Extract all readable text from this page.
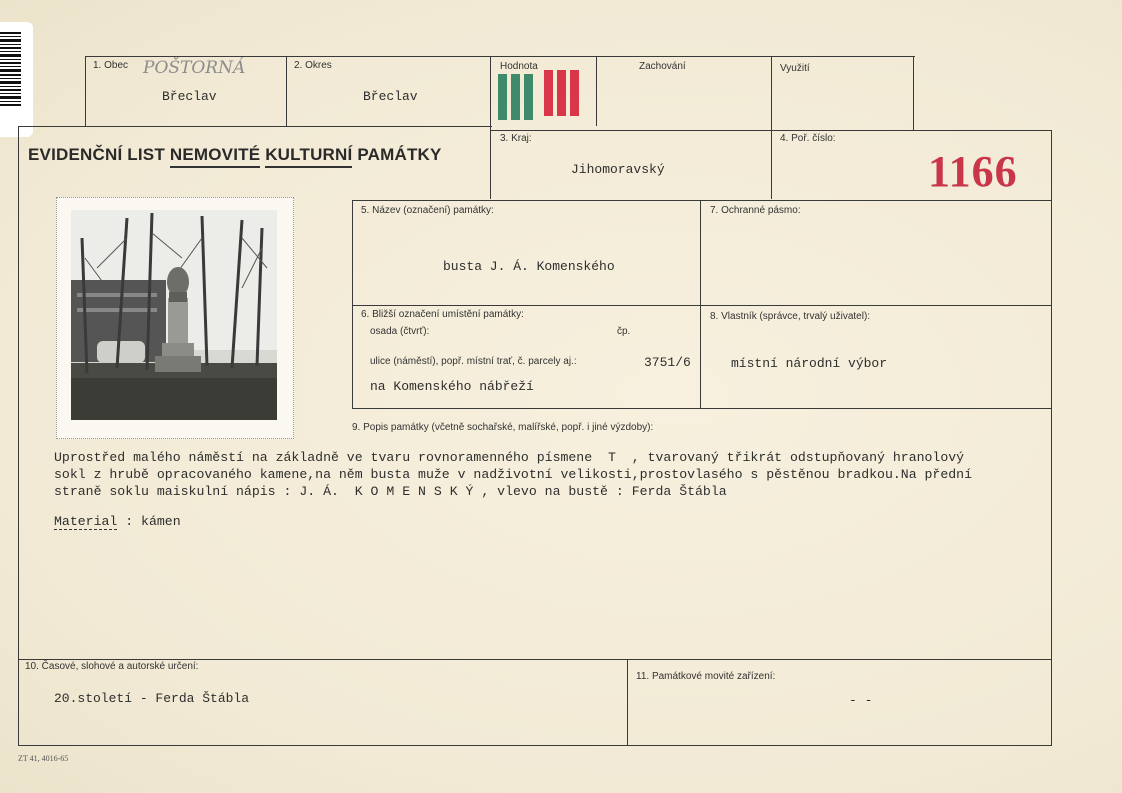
1. Obec POŠTORNÁ
Břeclav
2. Okres
Břeclav
Hodnota	Zachování	Využití
EVIDENČNÍ LIST NEMOVITÉ KULTURNÍ PAMÁTKY
3. Kraj:
Jihomoravský
4. Poř. číslo:
1166
5. Název (označení) památky:
busta J. Á. Komenského
7. Ochranné pásmo:
6. Bližší označení umístění památky:
osada (čtvrť):	čp.
ulice (náměstí), popř. místní trať, č. parcely aj.:	3751/6
na Komenského nábřeží
8. Vlastník (správce, trvalý uživatel):
místní národní výbor
9. Popis památky (včetně sochařské, malířské, popř. i jiné výzdoby):
Uprostřed malého náměstí na základně ve tvaru rovnoramenného písmene  T  , tvarovaný třikrát odstupňovaný hranolový
sokl z hrubě opracovaného kamene,na něm busta muže v nadživotní velikosti,prostovlasého s pěstěnou bradkou.Na přední
straně soklu maiskulní nápis : J. Á.  K O M E N S K Ý , vlevo na bustě : Ferda Štábla
Material : kámen
10. Časové, slohové a autorské určení:
20.století - Ferda Štábla
11. Památkové movité zařízení:
- -
ZT 41, 4016-65
